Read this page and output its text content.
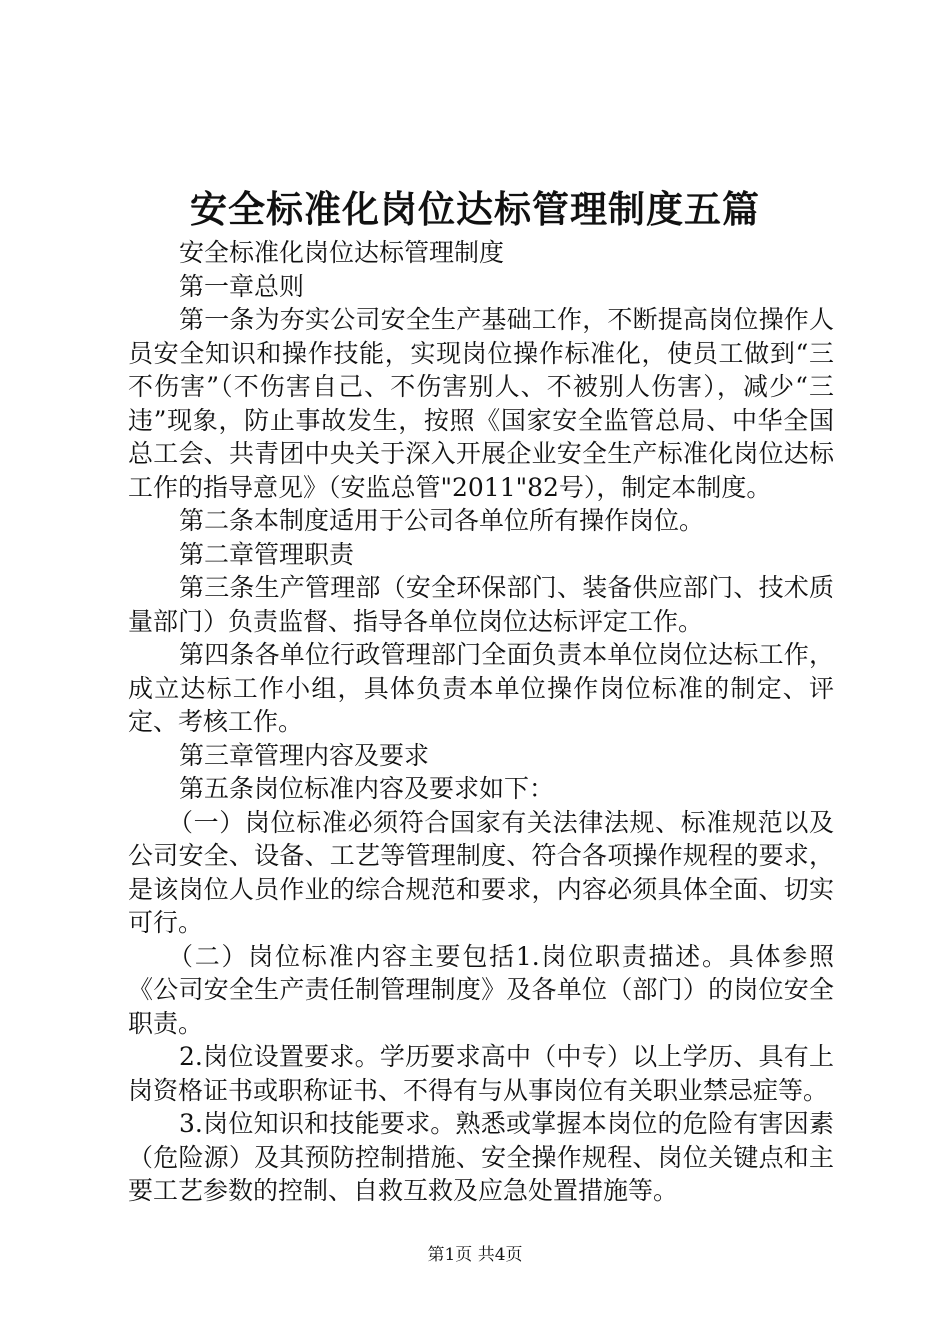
安全标准化岗位达标管理制度五篇

安全标准化岗位达标管理制度

第一章总则

第一条为夯实公司安全生产基础工作，不断提高岗位操作人员安全知识和操作技能，实现岗位操作标准化，使员工做到“三不伤害”（不伤害自己、不伤害别人、不被别人伤害），减少“三违”现象，防止事故发生，按照《国家安全监管总局、中华全国总工会、共青团中央关于深入开展企业安全生产标准化岗位达标工作的指导意见》（安监总管"2011"82号），制定本制度。

第二条本制度适用于公司各单位所有操作岗位。

第二章管理职责

第三条生产管理部（安全环保部门、装备供应部门、技术质量部门）负责监督、指导各单位岗位达标评定工作。

第四条各单位行政管理部门全面负责本单位岗位达标工作，成立达标工作小组，具体负责本单位操作岗位标准的制定、评定、考核工作。

第三章管理内容及要求

第五条岗位标准内容及要求如下：

（一）岗位标准必须符合国家有关法律法规、标准规范以及公司安全、设备、工艺等管理制度、符合各项操作规程的要求，是该岗位人员作业的综合规范和要求，内容必须具体全面、切实可行。

（二）岗位标准内容主要包括1.岗位职责描述。具体参照《公司安全生产责任制管理制度》及各单位（部门）的岗位安全职责。

2.岗位设置要求。学历要求高中（中专）以上学历、具有上岗资格证书或职称证书、不得有与从事岗位有关职业禁忌症等。

3.岗位知识和技能要求。熟悉或掌握本岗位的危险有害因素（危险源）及其预防控制措施、安全操作规程、岗位关键点和主要工艺参数的控制、自救互救及应急处置措施等。

第1页 共4页
